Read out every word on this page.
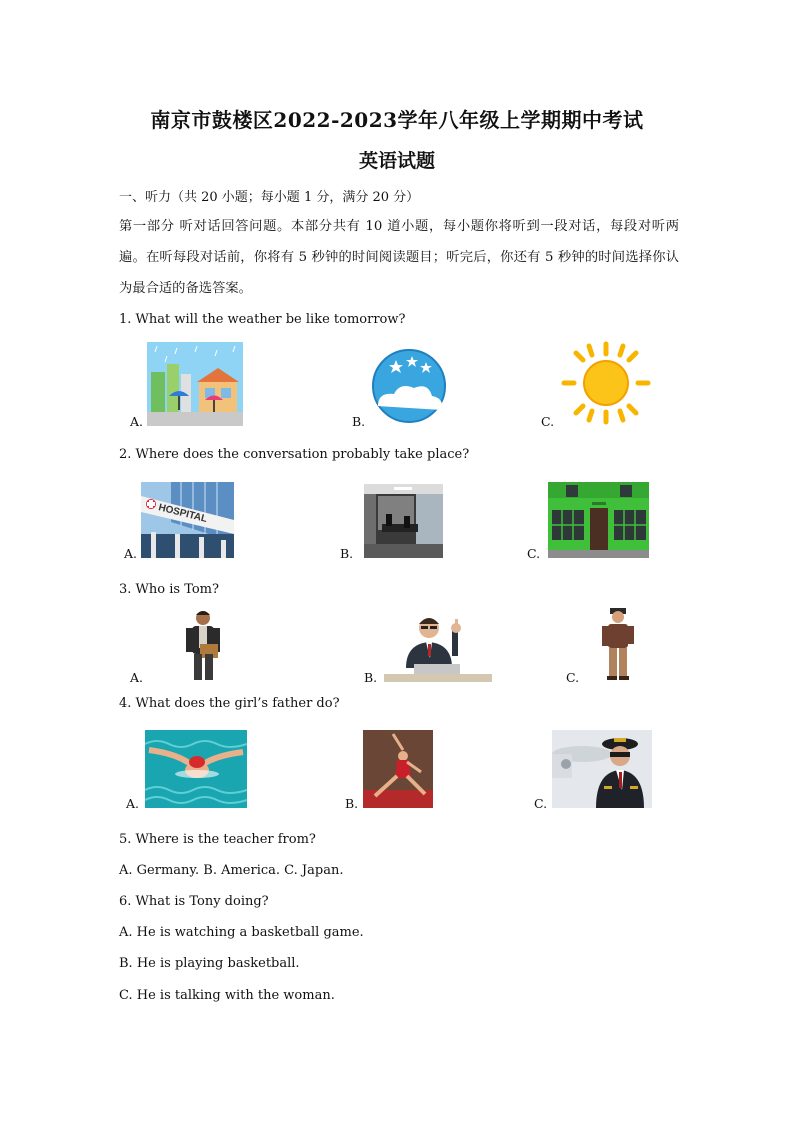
南京市鼓楼区2022-2023学年八年级上学期期中考试
英语试题
一、听力（共 20 小题；每小题 1 分，满分 20 分）
第一部分 听对话回答问题。本部分共有 10 道小题，每小题你将听到一段对话，每段对听两遍。在听每段对话前，你将有 5 秒钟的时间阅读题目；听完后，你还有 5 秒钟的时间选择你认为最合适的备选答案。
1. What will the weather be like tomorrow?
A.	B.	C.
2. Where does the conversation probably take place?
A.
HOSPITAL
B.	C.
3. Who is Tom?
A.	B.	C.
4. What does the girl’s father do?
A.	B.	C.
5. Where is the teacher from?
A. Germany. B. America. C. Japan.
6. What is Tony doing?
A. He is watching a basketball game.
B. He is playing basketball.
C. He is talking with the woman.
